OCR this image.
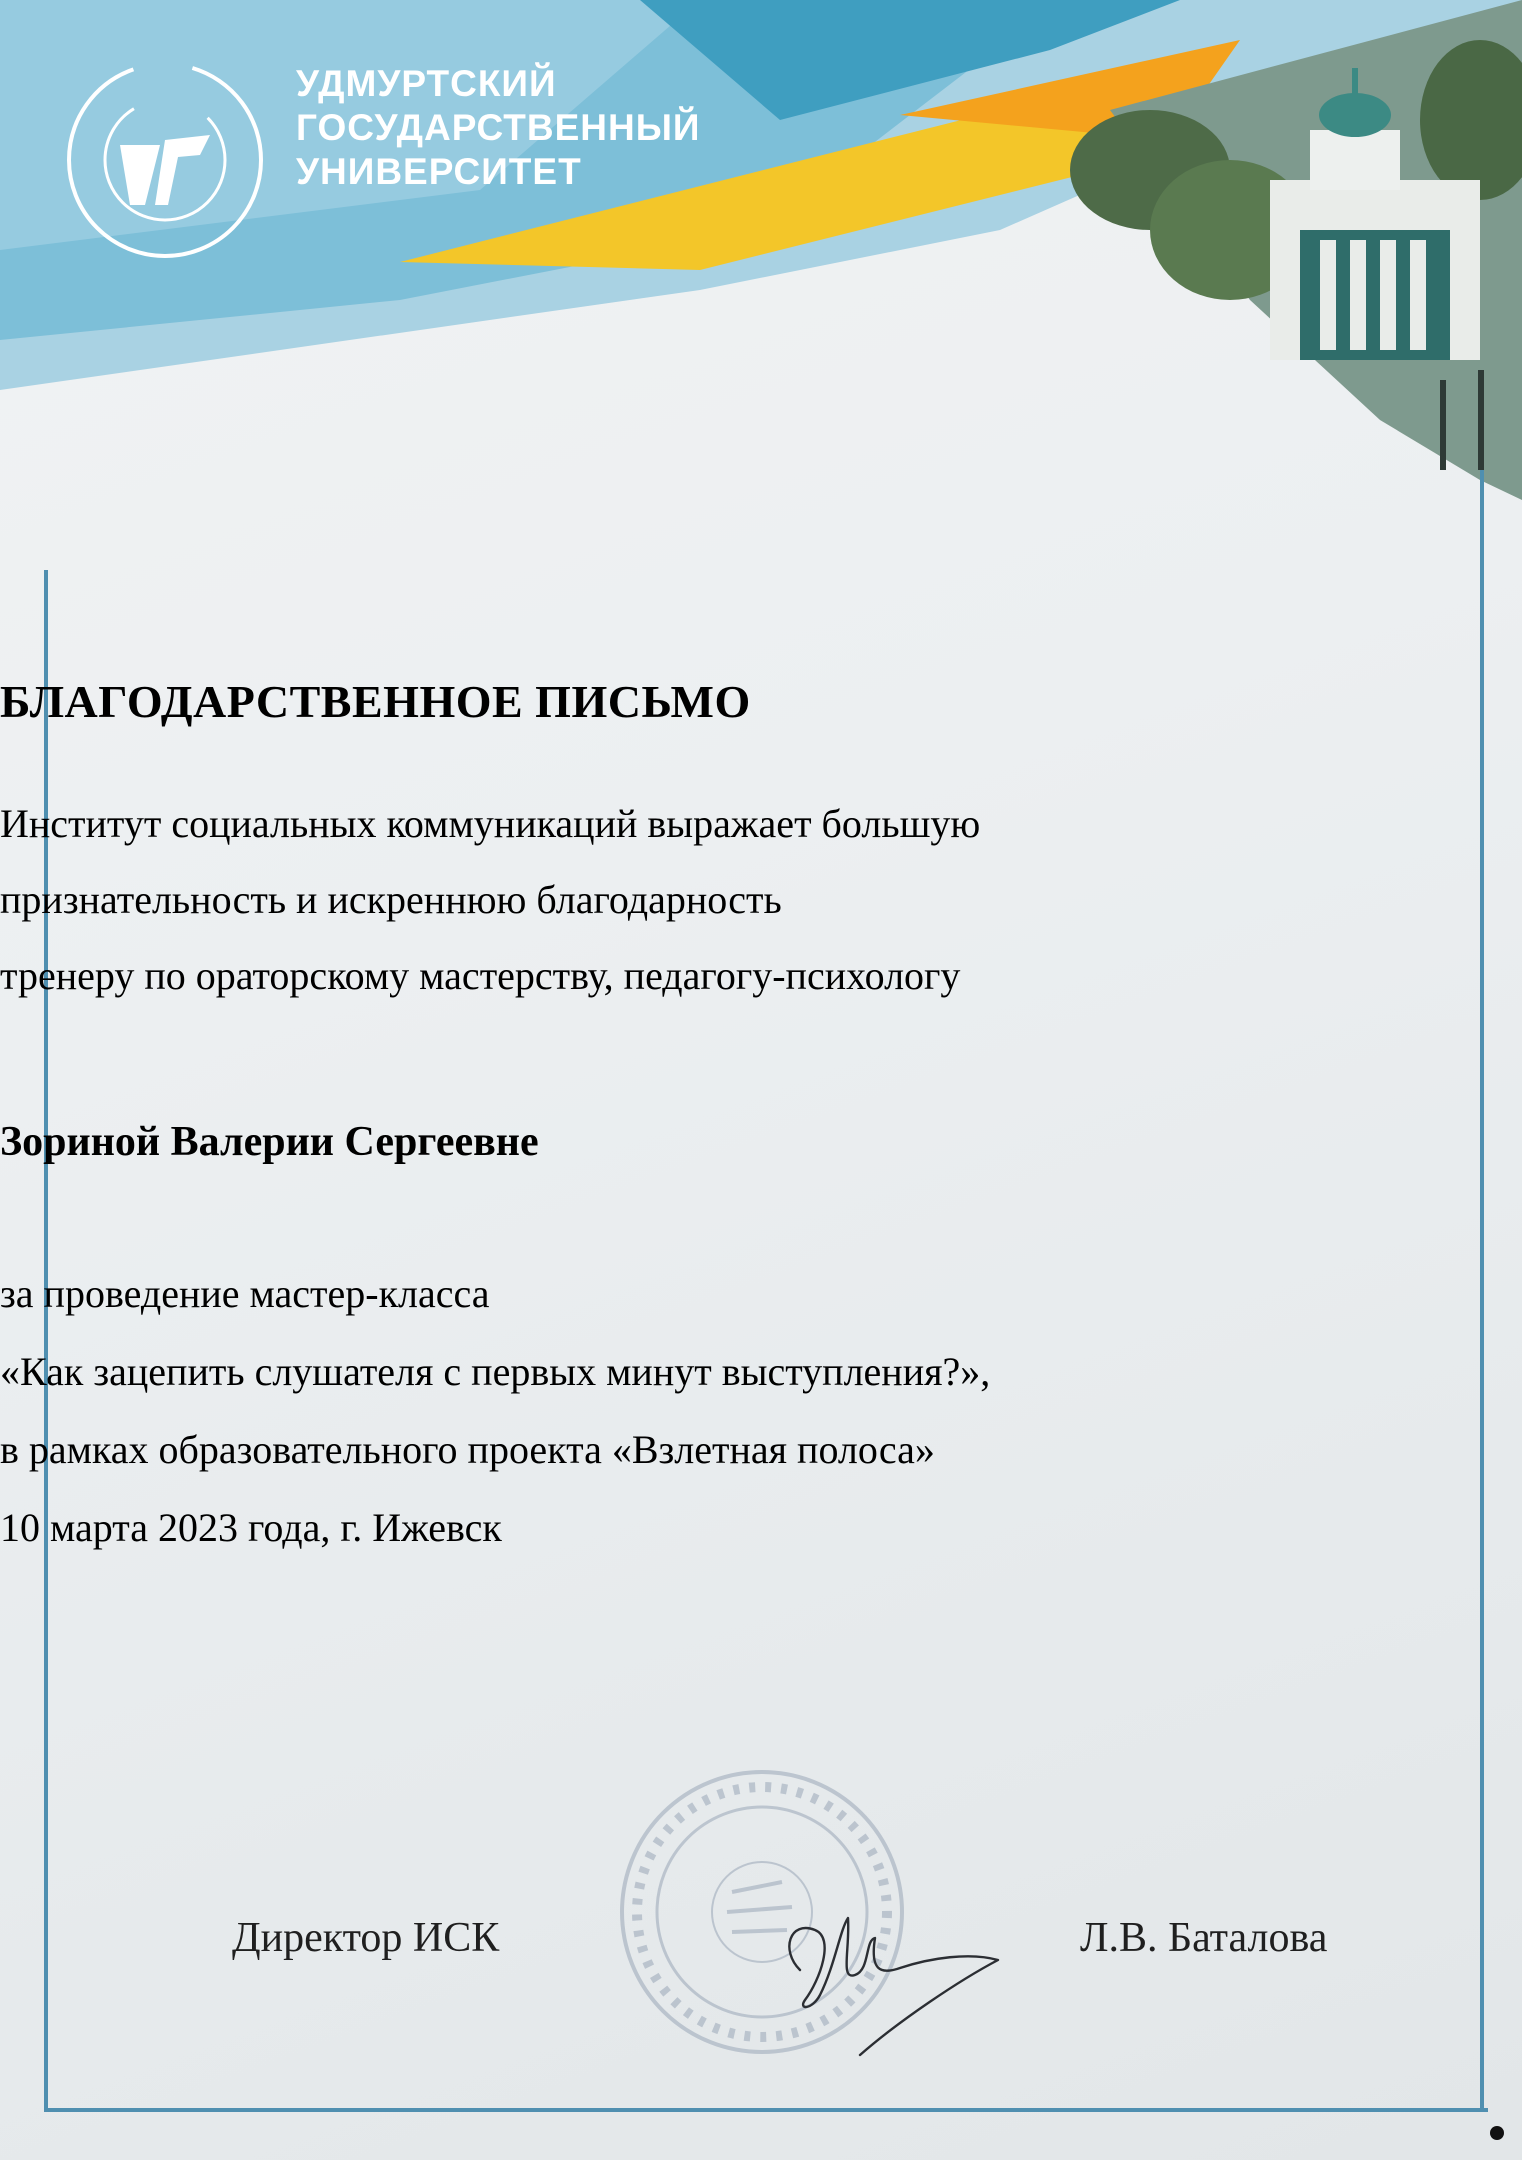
УДМУРТСКИЙ
ГОСУДАРСТВЕННЫЙ
УНИВЕРСИТЕТ
БЛАГОДАРСТВЕННОЕ ПИСЬМО
Институт социальных коммуникаций выражает большую
признательность и искреннюю благодарность
тренеру по ораторскому мастерству, педагогу-психологу
Зориной Валерии Сергеевне
за проведение мастер-класса
«Как зацепить слушателя с первых минут выступления?»,
в рамках образовательного проекта «Взлетная полоса»
10 марта 2023 года, г. Ижевск
Директор ИСК	Л.В. Баталова
